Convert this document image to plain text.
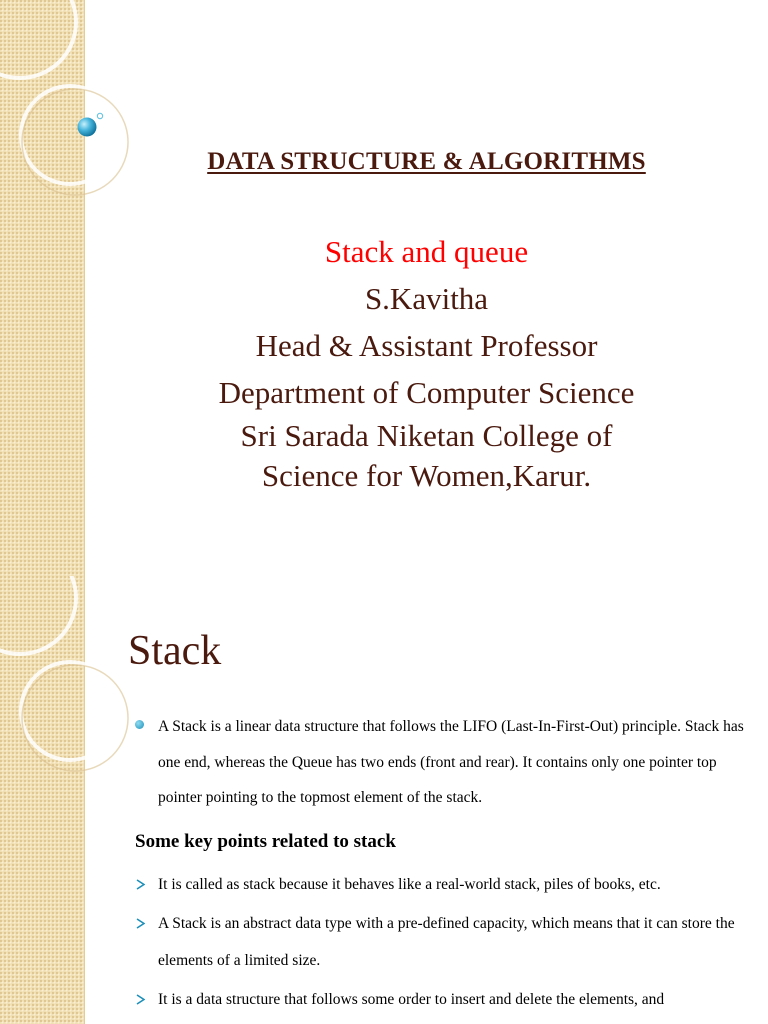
DATA STRUCTURE & ALGORITHMS
Stack and queue
S.Kavitha
Head & Assistant Professor
Department of Computer Science
Sri Sarada Niketan College of
Science for Women,Karur.
Stack
A Stack is a linear data structure that follows the LIFO (Last-In-First-Out) principle. Stack has one end, whereas the Queue has two ends (front and rear). It contains only one pointer top pointer pointing to the topmost element of the stack.
Some key points related to stack
It is called as stack because it behaves like a real-world stack, piles of books, etc.
A Stack is an abstract data type with a pre-defined capacity, which means that it can store the elements of a limited size.
It is a data structure that follows some order to insert and delete the elements, and
